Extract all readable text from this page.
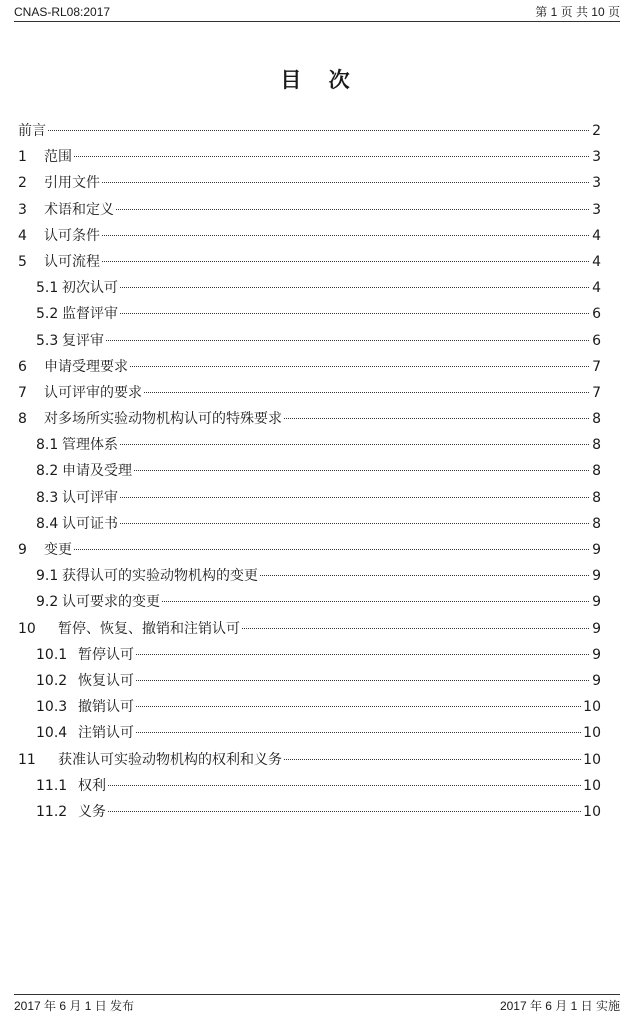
CNAS-RL08:2017	第 1 页 共 10 页
目 次
前言	2
1	范围	3
2	引用文件	3
3	术语和定义	3
4	认可条件	4
5	认可流程	4
5.1 初次认可	4
5.2 监督评审	6
5.3 复评审	6
6	申请受理要求	7
7	认可评审的要求	7
8	对多场所实验动物机构认可的特殊要求	8
8.1 管理体系	8
8.2 申请及受理	8
8.3 认可评审	8
8.4 认可证书	8
9	变更	9
9.1 获得认可的实验动物机构的变更	9
9.2 认可要求的变更	9
10	暂停、恢复、撤销和注销认可	9
10.1 暂停认可	9
10.2 恢复认可	9
10.3 撤销认可	10
10.4 注销认可	10
11	获准认可实验动物机构的权利和义务	10
11.1 权利	10
11.2 义务	10
2017 年 6 月 1 日 发布	2017 年 6 月 1 日 实施
